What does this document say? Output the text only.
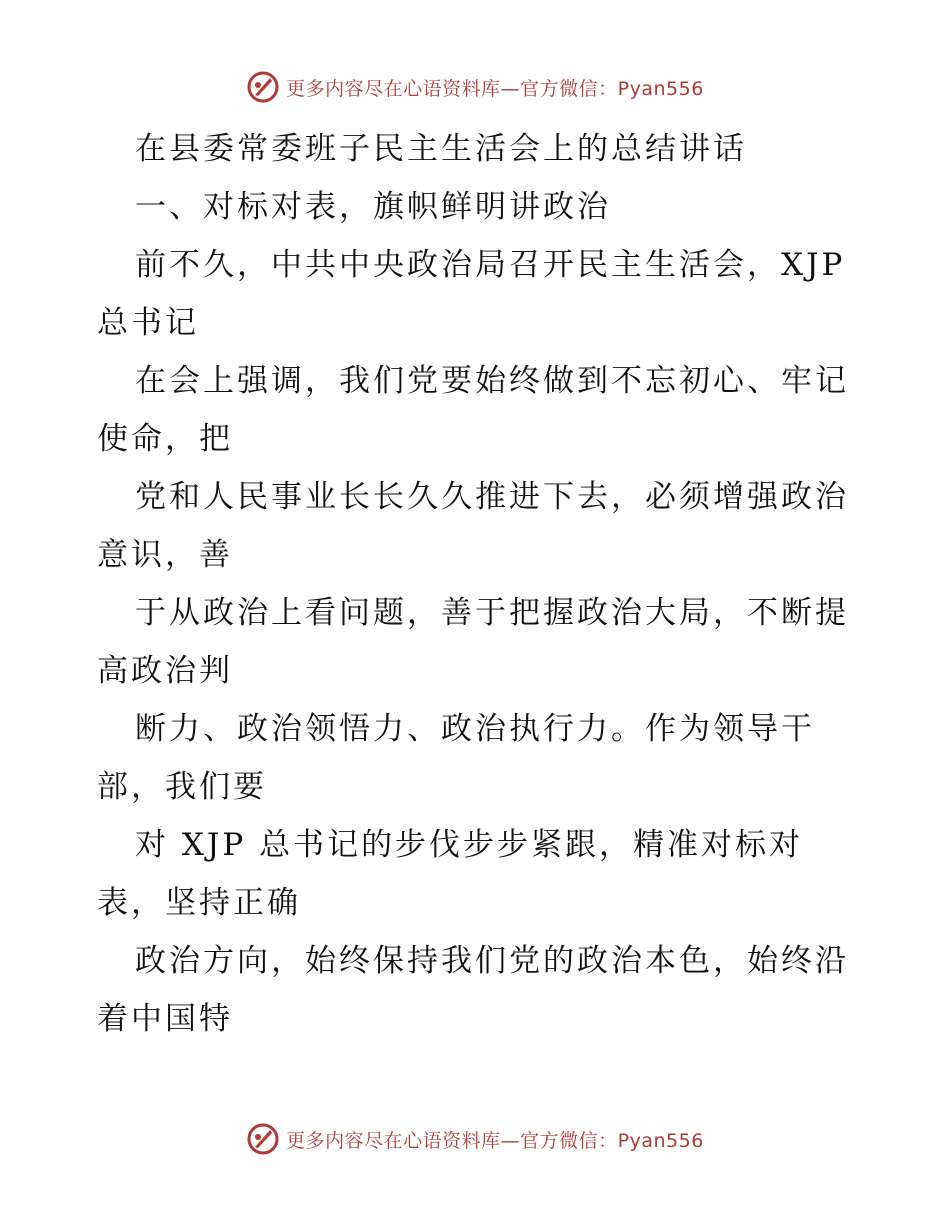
更多内容尽在心语资料库—官方微信：Pyan556
在县委常委班子民主生活会上的总结讲话
一、对标对表，旗帜鲜明讲政治
前不久，中共中央政治局召开民主生活会，XJP
总书记
在会上强调，我们党要始终做到不忘初心、牢记
使命，把
党和人民事业长长久久推进下去，必须增强政治
意识，善
于从政治上看问题，善于把握政治大局，不断提
高政治判
断力、政治领悟力、政治执行力。作为领导干
部，我们要
对 XJP 总书记的步伐步步紧跟，精准对标对
表，坚持正确
政治方向，始终保持我们党的政治本色，始终沿
着中国特
更多内容尽在心语资料库—官方微信：Pyan556
